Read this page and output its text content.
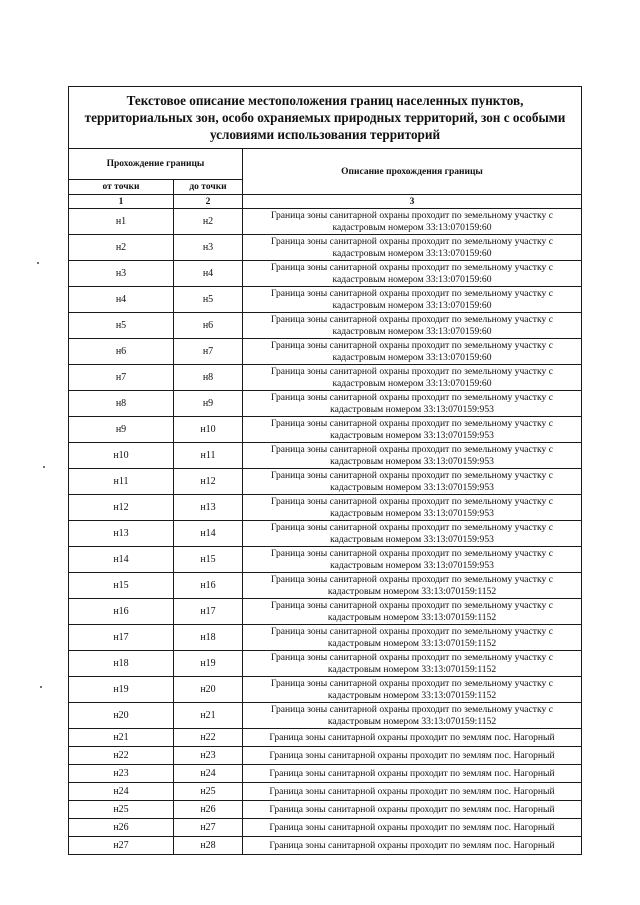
Текстовое описание местоположения границ населенных пунктов, территориальных зон, особо охраняемых природных территорий, зон с особыми условиями использования территорий		
Прохождение границы		Описание прохождения границы
от точки	до точки	
1	2	3
н1	н2	Граница зоны санитарной охраны проходит по земельному участку с кадастровым номером 33:13:070159:60
н2	н3	Граница зоны санитарной охраны проходит по земельному участку с кадастровым номером 33:13:070159:60
н3	н4	Граница зоны санитарной охраны проходит по земельному участку с кадастровым номером 33:13:070159:60
н4	н5	Граница зоны санитарной охраны проходит по земельному участку с кадастровым номером 33:13:070159:60
н5	н6	Граница зоны санитарной охраны проходит по земельному участку с кадастровым номером 33:13:070159:60
н6	н7	Граница зоны санитарной охраны проходит по земельному участку с кадастровым номером 33:13:070159:60
н7	н8	Граница зоны санитарной охраны проходит по земельному участку с кадастровым номером 33:13:070159:60
н8	н9	Граница зоны санитарной охраны проходит по земельному участку с кадастровым номером 33:13:070159:953
н9	н10	Граница зоны санитарной охраны проходит по земельному участку с кадастровым номером 33:13:070159:953
н10	н11	Граница зоны санитарной охраны проходит по земельному участку с кадастровым номером 33:13:070159:953
н11	н12	Граница зоны санитарной охраны проходит по земельному участку с кадастровым номером 33:13:070159:953
н12	н13	Граница зоны санитарной охраны проходит по земельному участку с кадастровым номером 33:13:070159:953
н13	н14	Граница зоны санитарной охраны проходит по земельному участку с кадастровым номером 33:13:070159:953
н14	н15	Граница зоны санитарной охраны проходит по земельному участку с кадастровым номером 33:13:070159:953
н15	н16	Граница зоны санитарной охраны проходит по земельному участку с кадастровым номером 33:13:070159:1152
н16	н17	Граница зоны санитарной охраны проходит по земельному участку с кадастровым номером 33:13:070159:1152
н17	н18	Граница зоны санитарной охраны проходит по земельному участку с кадастровым номером 33:13:070159:1152
н18	н19	Граница зоны санитарной охраны проходит по земельному участку с кадастровым номером 33:13:070159:1152
н19	н20	Граница зоны санитарной охраны проходит по земельному участку с кадастровым номером 33:13:070159:1152
н20	н21	Граница зоны санитарной охраны проходит по земельному участку с кадастровым номером 33:13:070159:1152
н21	н22	Граница зоны санитарной охраны проходит по землям пос. Нагорный
н22	н23	Граница зоны санитарной охраны проходит по землям пос. Нагорный
н23	н24	Граница зоны санитарной охраны проходит по землям пос. Нагорный
н24	н25	Граница зоны санитарной охраны проходит по землям пос. Нагорный
н25	н26	Граница зоны санитарной охраны проходит по землям пос. Нагорный
н26	н27	Граница зоны санитарной охраны проходит по землям пос. Нагорный
н27	н28	Граница зоны санитарной охраны проходит по землям пос. Нагорный
